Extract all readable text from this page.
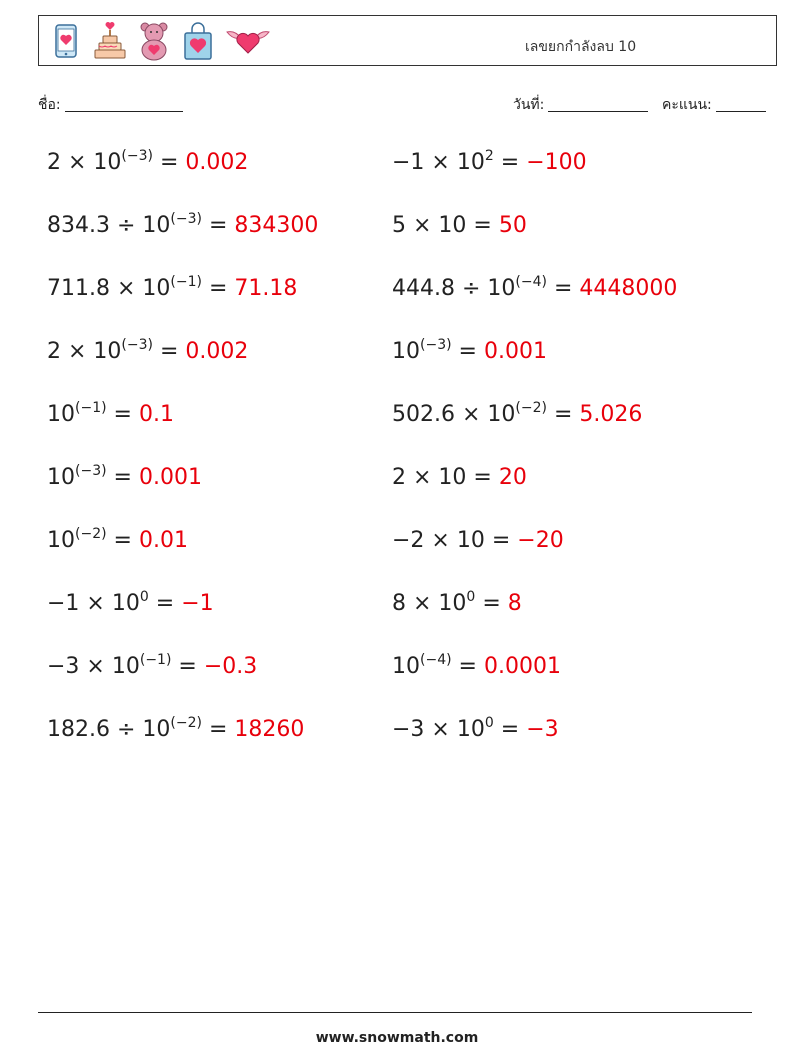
เลขยกกำลังลบ 10
ชื่อ:	วันที่:	คะแนน:
$2 \times 10^{(-3)} = 0.002$	$-1 \times 10^2 = -100$
$834.3 \div 10^{(-3)} = 834300$	5 × 10 = 50
$711.8 \times 10^{(-1)} = 71.18$	$444.8 \div 10^{(-4)} = 4448000$
$2 \times 10^{(-3)} = 0.002$	$10^{(-3)} = 0.001$
$10^{(-1)} = 0.1$	$502.6 \times 10^{(-2)} = 5.026$
$10^{(-3)} = 0.001$	2 × 10 = 20
$10^{(-2)} = 0.01$	−2 × 10 = −20
$-1 \times 10^0 = -1$	$8 \times 10^0 = 8$
$-3 \times 10^{(-1)} = -0.3$	$10^{(-4)} = 0.0001$
$182.6 \div 10^{(-2)} = 18260$	$-3 \times 10^0 = -3$
www.snowmath.com
